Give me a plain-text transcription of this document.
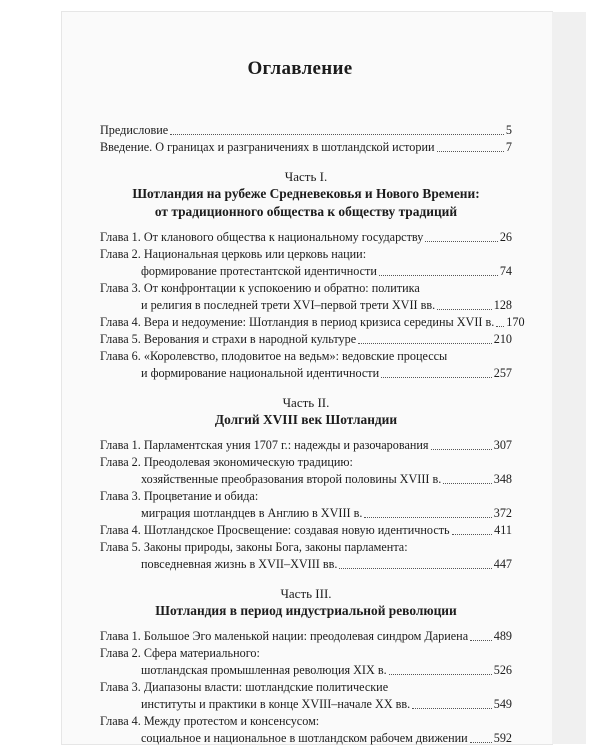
Оглавление
Предисловие	5
Введение. О границах и разграничениях в шотландской истории	7
Часть I.
Шотландия на рубеже Средневековья и Нового Времени:
от традиционного общества к обществу традиций
Глава 1. От кланового общества к национальному государству	26
Глава 2. Национальная церковь или церковь нации:
формирование протестантской идентичности	74
Глава 3. От конфронтации к успокоению и обратно: политика
и религия в последней трети XVI–первой трети XVII вв.	128
Глава 4. Вера и недоумение: Шотландия в период кризиса середины XVII в. 170
Глава 5. Верования и страхи в народной культуре	210
Глава 6. «Королевство, плодовитое на ведьм»: ведовские процессы
и формирование национальной идентичности	257
Часть II.
Долгий XVIII век Шотландии
Глава 1. Парламентская уния 1707 г.: надежды и разочарования	307
Глава 2. Преодолевая экономическую традицию:
хозяйственные преобразования второй половины XVIII в.	348
Глава 3. Процветание и обида:
миграция шотландцев в Англию в XVIII в.	372
Глава 4. Шотландское Просвещение: создавая новую идентичность	411
Глава 5. Законы природы, законы Бога, законы парламента:
повседневная жизнь в XVII–XVIII вв.	447
Часть III.
Шотландия в период индустриальной революции
Глава 1. Большое Эго маленькой нации: преодолевая синдром Дариена 489
Глава 2. Сфера материального:
шотландская промышленная революция XIX в.	526
Глава 3. Диапазоны власти: шотландские политические
институты и практики в конце XVIII–начале XX вв.	549
Глава 4. Между протестом и консенсусом:
социальное и национальное в шотландском рабочем движении 592
